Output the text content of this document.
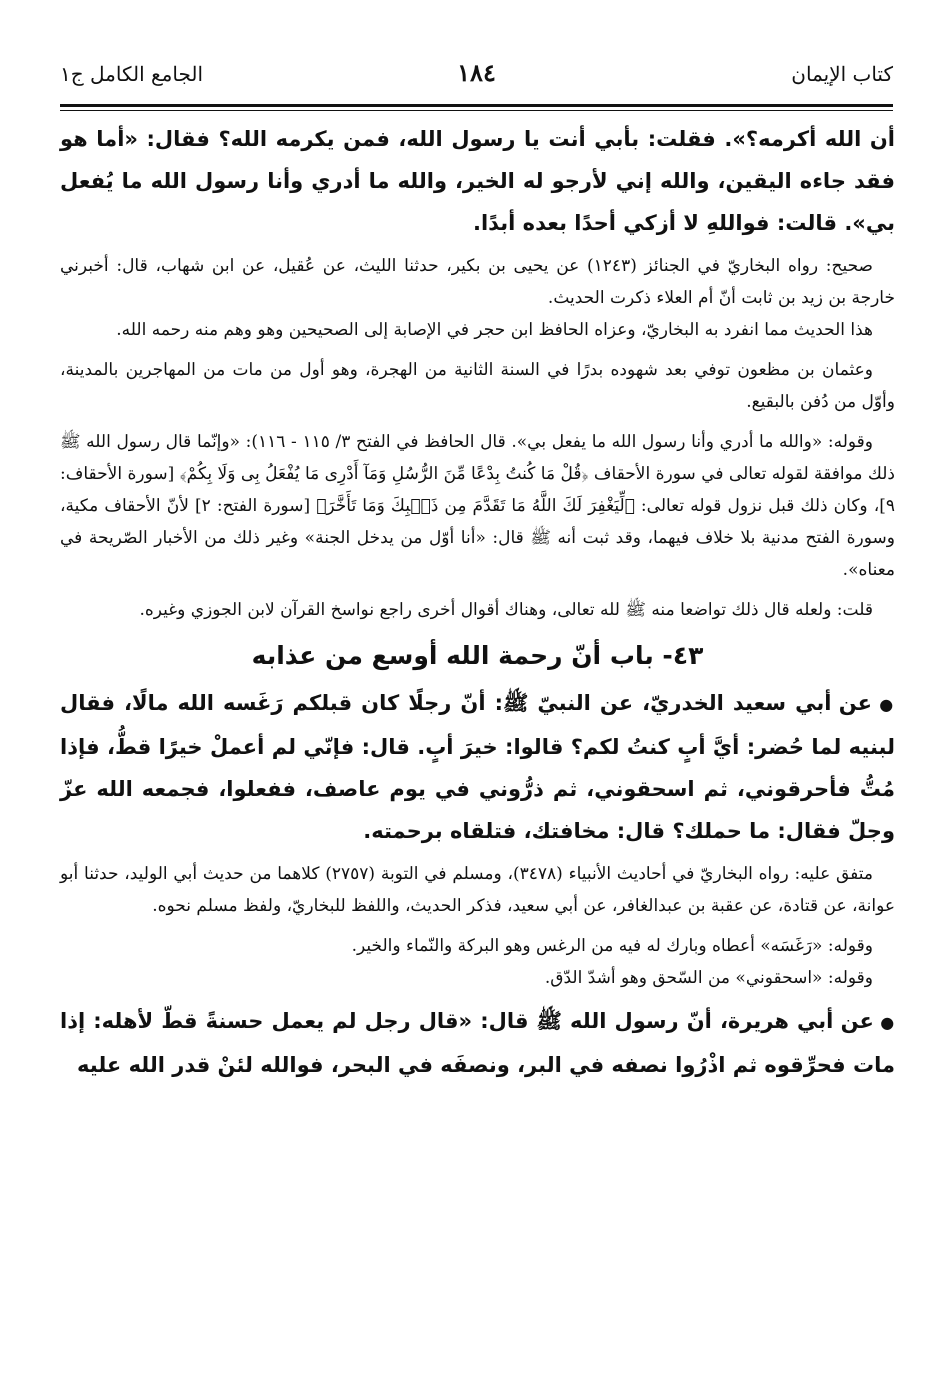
كتاب الإيمان
١٨٤
الجامع الكامل ج١

أن الله أكرمه؟». فقلت: بأبي أنت يا رسول الله، فمن يكرمه الله؟ فقال: «أما هو فقد جاءه اليقين، والله إني لأرجو له الخير، والله ما أدري وأنا رسول الله ما يُفعل بي». قالت: فواللهِ لا أزكي أحدًا بعده أبدًا.

صحيح: رواه البخاريّ في الجنائز (١٢٤٣) عن يحيى بن بكير، حدثنا الليث، عن عُقيل، عن ابن شهاب، قال: أخبرني خارجة بن زيد بن ثابت أنّ أم العلاء ذكرت الحديث.

هذا الحديث مما انفرد به البخاريّ، وعزاه الحافظ ابن حجر في الإصابة إلى الصحيحين وهو وهم منه رحمه الله.

وعثمان بن مظعون توفي بعد شهوده بدرًا في السنة الثانية من الهجرة، وهو أول من مات من المهاجرين بالمدينة، وأوّل من دُفن بالبقيع.

وقوله: «والله ما أدري وأنا رسول الله ما يفعل بي». قال الحافظ في الفتح ٣/ ١١٥ - ١١٦): «وإنّما قال رسول الله ﷺ ذلك موافقة لقوله تعالى في سورة الأحقاف ﴿قُلْ مَا كُنتُ بِدْعًا مِّنَ الرُّسُلِ وَمَآ أَدْرِى مَا يُفْعَلُ بِى وَلَا بِكُمْ﴾ [سورة الأحقاف: ٩]، وكان ذلك قبل نزول قوله تعالى: ﴿لِّيَغْفِرَ لَكَ اللَّهُ مَا تَقَدَّمَ مِن ذَنۢبِكَ وَمَا تَأَخَّرَ﴾ [سورة الفتح: ٢] لأنّ الأحقاف مكية، وسورة الفتح مدنية بلا خلاف فيهما، وقد ثبت أنه ﷺ قال: «أنا أوّل من يدخل الجنة» وغير ذلك من الأخبار الصّريحة في معناه».

قلت: ولعله قال ذلك تواضعا منه ﷺ لله تعالى، وهناك أقوال أخرى راجع نواسخ القرآن لابن الجوزي وغيره.

٤٣- باب أنّ رحمة الله أوسع من عذابه

● عن أبي سعيد الخدريّ، عن النبيّ ﷺ: أنّ رجلًا كان قبلكم رَغَسه الله مالًا، فقال لبنيه لما حُضر: أيَّ أبٍ كنتُ لكم؟ قالوا: خيرَ أبٍ. قال: فإنّي لم أعملْ خيرًا قطُّ، فإذا مُتُّ فأحرقوني، ثم اسحقوني، ثم ذرُّوني في يوم عاصف، ففعلوا، فجمعه الله عزّ وجلّ فقال: ما حملك؟ قال: مخافتك، فتلقاه برحمته.

متفق عليه: رواه البخاريّ في أحاديث الأنبياء (٣٤٧٨)، ومسلم في التوبة (٢٧٥٧) كلاهما من حديث أبي الوليد، حدثنا أبو عوانة، عن قتادة، عن عقبة بن عبدالغافر، عن أبي سعيد، فذكر الحديث، واللفظ للبخاريّ، ولفظ مسلم نحوه.

وقوله: «رَغَسَه» أعطاه وبارك له فيه من الرغس وهو البركة والنّماء والخير.

وقوله: «اسحقوني» من السّحق وهو أشدّ الدّق.

● عن أبي هريرة، أنّ رسول الله ﷺ قال: «قال رجل لم يعمل حسنةً قطّ لأهله: إذا مات فحرِّقوه ثم اذْرُوا نصفه في البر، ونصفَه في البحر، فوالله لئنْ قدر الله عليه
